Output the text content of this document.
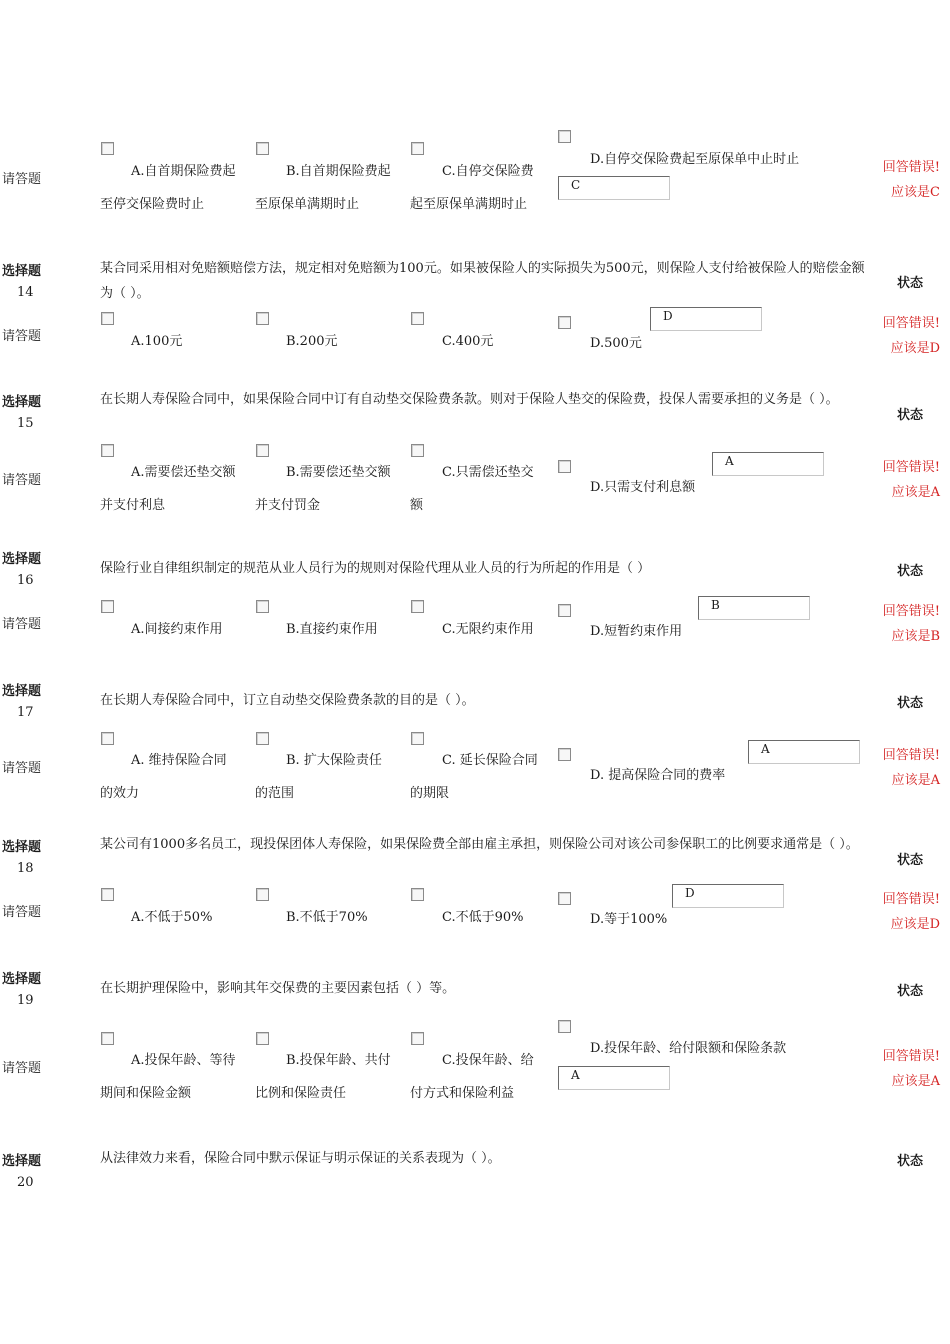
请答题
A.自首期保险费起	B.自首期保险费起	C.自停交保险费
D.自停交保险费起至原保单中止时止
至停交保险费时止	至原保单满期时止	起至原保单满期时止
C
回答错误!
应该是C
选择题
14
某合同采用相对免赔额赔偿方法，规定相对免赔额为100元。如果被保险人的实际损失为500元，则保险人支付给被保险人的赔偿金额为（ ）。
状态
请答题	A.100元	B.200元	C.400元	D.500元
D	回答错误!
应该是D
选择题
15
在长期人寿保险合同中，如果保险合同中订有自动垫交保险费条款。则对于保险人垫交的保险费，投保人需要承担的义务是（ ）。
状态
请答题
A.需要偿还垫交额	B.需要偿还垫交额	C.只需偿还垫交
D.只需支付利息额
并支付利息	并支付罚金	额
A	回答错误!
应该是A
选择题
16
保险行业自律组织制定的规范从业人员行为的规则对保险代理从业人员的行为所起的作用是（ ）	状态
请答题	A.间接约束作用	B.直接约束作用	C.无限约束作用	D.短暂约束作用
B	回答错误!
应该是B
选择题
17
在长期人寿保险合同中，订立自动垫交保险费条款的目的是（ ）。	状态
请答题
A. 维持保险合同	B. 扩大保险责任	C. 延长保险合同
D. 提高保险合同的费率
的效力	的范围	的期限
A	回答错误!
应该是A
选择题
18
某公司有1000多名员工，现投保团体人寿保险，如果保险费全部由雇主承担，则保险公司对该公司参保职工的比例要求通常是（ ）。
状态
请答题	A.不低于50%	B.不低于70%	C.不低于90%	D.等于100%
D	回答错误!
应该是D
选择题
19
在长期护理保险中，影响其年交保费的主要因素包括（ ）等。	状态
请答题
A.投保年龄、等待	B.投保年龄、共付	C.投保年龄、给
D.投保年龄、给付限额和保险条款
期间和保险金额	比例和保险责任	付方式和保险利益
A
回答错误!
应该是A
选择题
20
从法律效力来看，保险合同中默示保证与明示保证的关系表现为（ ）。	状态
